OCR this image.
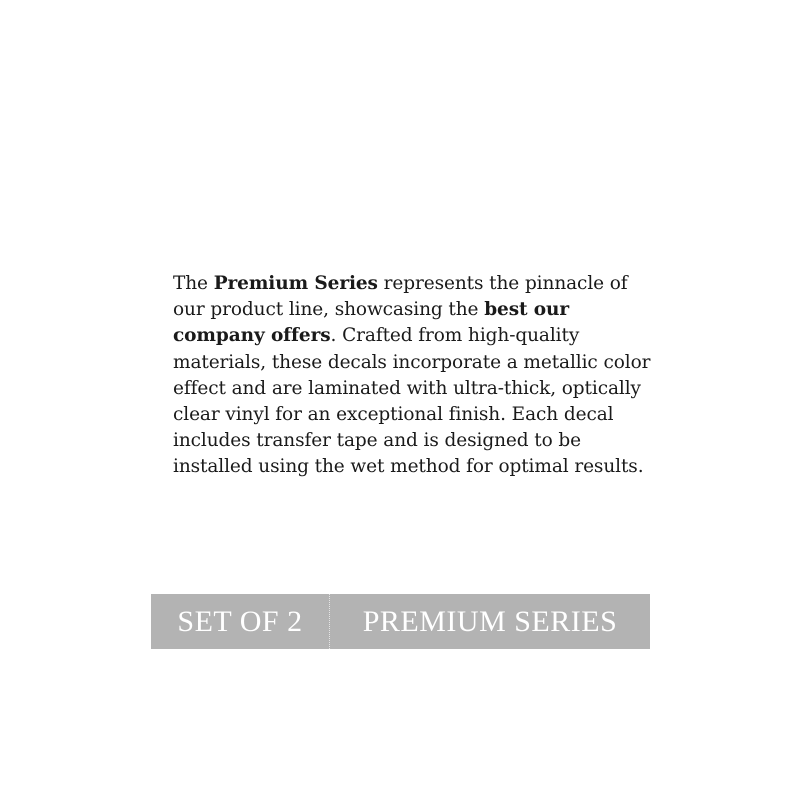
The Premium Series represents the pinnacle of our product line, showcasing the best our company offers. Crafted from high-quality materials, these decals incorporate a metallic color effect and are laminated with ultra-thick, optically clear vinyl for an exceptional finish. Each decal includes transfer tape and is designed to be installed using the wet method for optimal results.

SET OF 2	PREMIUM SERIES
